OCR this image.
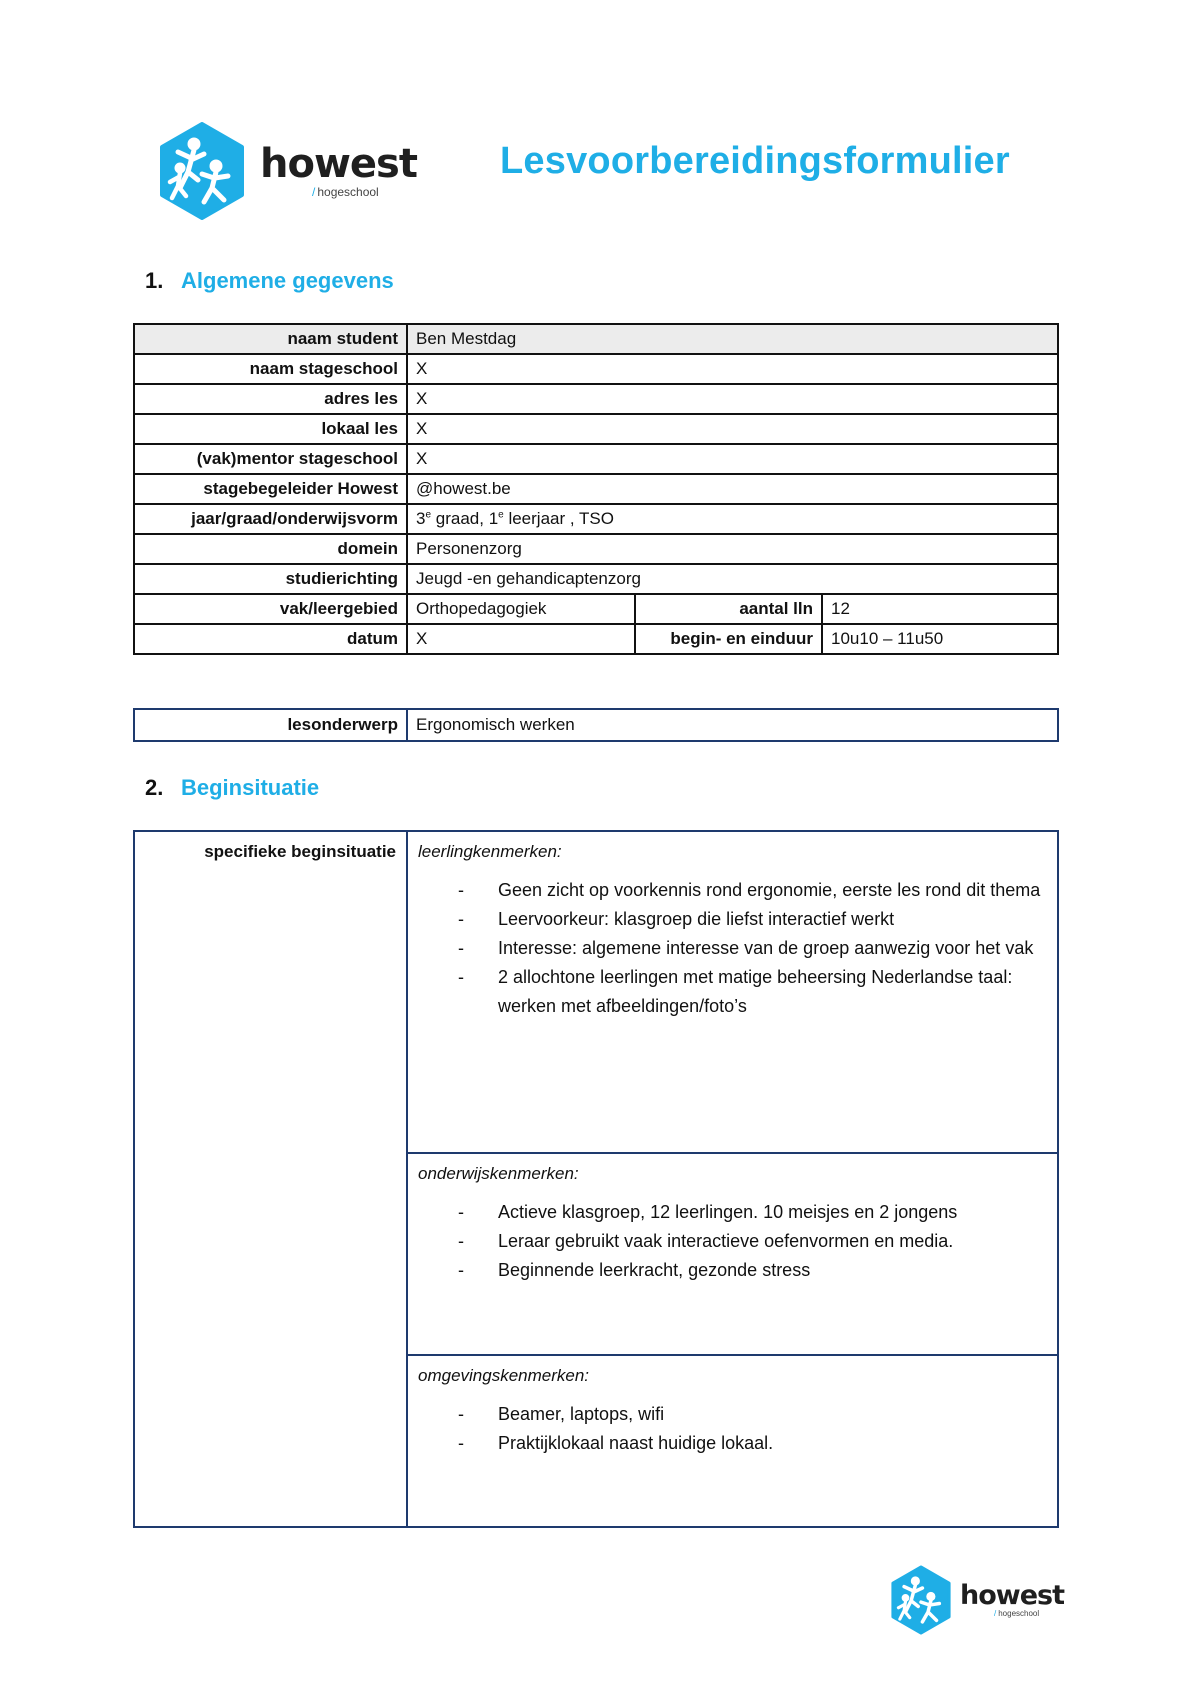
howest
/ hogeschool
Lesvoorbereidingsformulier
1. Algemene gegevens
naam student	Ben Mestdag		
naam stageschool	X		
adres les	X		
lokaal les	X		
(vak)mentor stageschool	X		
stagebegeleider Howest	@howest.be		
jaar/graad/onderwijsvorm	3e graad, 1e leerjaar , TSO		
domein	Personenzorg		
studierichting	Jeugd -en gehandicaptenzorg		
vak/leergebied	Orthopedagogiek	aantal lln	12
datum	X	begin- en einduur	10u10 – 11u50
lesonderwerp	Ergonomisch werken
2. Beginsituatie
specifieke beginsituatie	leerlingkenmerken:
- Geen zicht op voorkennis rond ergonomie, eerste les rond dit thema
- Leervoorkeur: klasgroep die liefst interactief werkt
- Interesse: algemene interesse van de groep aanwezig voor het vak
- 2 allochtone leerlingen met matige beheersing Nederlandse taal: werken met afbeeldingen/foto’s

onderwijskenmerken:
- Actieve klasgroep, 12 leerlingen. 10 meisjes en 2 jongens
- Leraar gebruikt vaak interactieve oefenvormen en media.
- Beginnende leerkracht, gezonde stress

omgevingskenmerken:
- Beamer, laptops, wifi
- Praktijklokaal naast huidige lokaal.
howest
/ hogeschool
